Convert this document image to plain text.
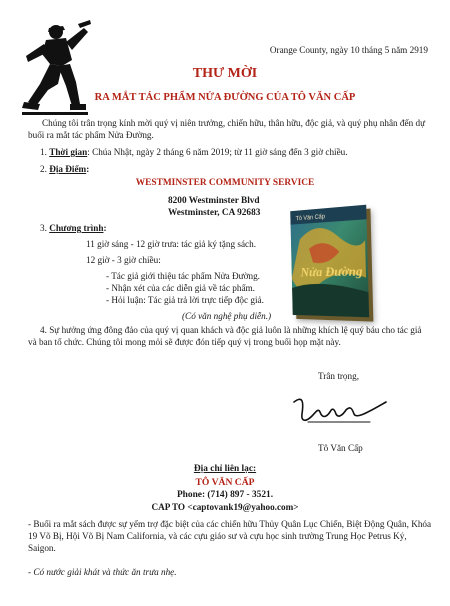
Orange County, ngày 10 tháng 5 năm 2919
THƯ MỜI
RA MẮT TÁC PHẨM NỬA ĐƯỜNG CỦA TÔ VĂN CẤP
Chúng tôi trân trọng kính mời quý vị niên trưởng, chiến hữu, thân hữu, độc giả, và quý phụ nhân đến dự buổi ra mắt tác phẩm Nửa Đường.
1. Thời gian: Chúa Nhật, ngày 2 tháng 6 năm 2019; từ 11 giờ sáng đến 3 giờ chiều.
2. Địa Điểm:
WESTMINSTER COMMUNITY SERVICE
8200 Westminster Blvd
Westminster, CA 92683
3. Chương trình:
11 giờ sáng - 12 giờ trưa: tác giả ký tặng sách.
12 giờ - 3 giờ chiều:
- Tác giả giới thiệu tác phẩm Nửa Đường.
- Nhận xét của các diễn giả về tác phẩm.
- Hỏi luận: Tác giả trả lời trực tiếp độc giả.
(Có văn nghệ phụ diễn.)
Tô Văn Cấp
Nửa Đường
4. Sự hưởng ứng đông đảo của quý vị quan khách và độc giả luôn là những khích lệ quý báu cho tác giả và ban tổ chức. Chúng tôi mong mỏi sẽ được đón tiếp quý vị trong buổi họp mặt này.
Trân trọng,
Tô Văn Cấp
Địa chỉ liên lạc:
TÔ VĂN CẤP
Phone: (714) 897 - 3521.
CAP TO <captovank19@yahoo.com>
- Buổi ra mắt sách được sự yểm trợ đặc biệt của các chiến hữu Thủy Quân Lục Chiến, Biệt Động Quân, Khóa 19 Võ Bị, Hội Võ Bị Nam California, và các cựu giáo sư và cựu học sinh trường Trung Học Petrus Ký, Saigon.
- Có nước giải khát và thức ăn trưa nhẹ.
